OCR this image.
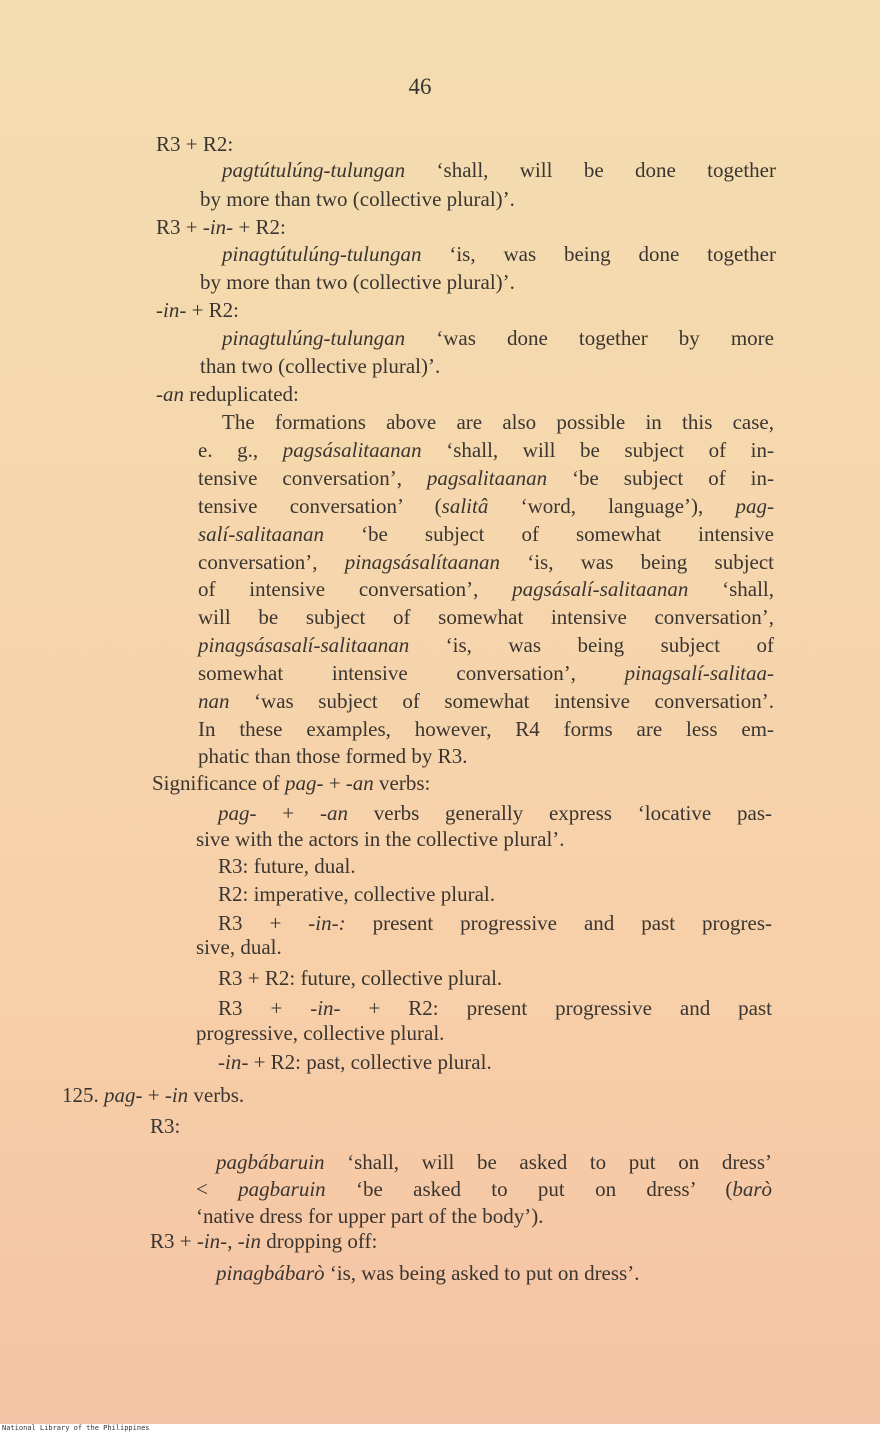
46
R3 + R2:
pagtútulúng-tulungan ‘shall, will be done together
by more than two (collective plural)’.
R3 + -in- + R2:
pinagtútulúng-tulungan ‘is, was being done together
by more than two (collective plural)’.
-in- + R2:
pinagtulúng-tulungan ‘was done together by more
than two (collective plural)’.
-an reduplicated:
The formations above are also possible in this case,
e. g., pagsásalitaanan ‘shall, will be subject of in-
tensive conversation’, pagsalitaanan ‘be subject of in-
tensive conversation’ (salitâ ‘word, language’), pag-
salí-salitaanan ‘be subject of somewhat intensive
conversation’, pinagsásalítaanan ‘is, was being subject
of intensive conversation’, pagsásalí-salitaanan ‘shall,
will be subject of somewhat intensive conversation’,
pinagsásasalí-salitaanan ‘is, was being subject of
somewhat intensive conversation’, pinagsalí-salitaa-
nan ‘was subject of somewhat intensive conversation’.
In these examples, however, R4 forms are less em-
phatic than those formed by R3.
Significance of pag- + -an verbs:
pag- + -an verbs generally express ‘locative pas-
sive with the actors in the collective plural’.
R3: future, dual.
R2: imperative, collective plural.
R3 + -in-: present progressive and past progres-
sive, dual.
R3 + R2: future, collective plural.
R3 + -in- + R2: present progressive and past
progressive, collective plural.
-in- + R2: past, collective plural.
125. pag- + -in verbs.
R3:
pagbábaruin ‘shall, will be asked to put on dress’
< pagbaruin ‘be asked to put on dress’ (barò
‘native dress for upper part of the body’).
R3 + -in-, -in dropping off:
pinagbábarò ‘is, was being asked to put on dress’.
National Library of the Philippines
